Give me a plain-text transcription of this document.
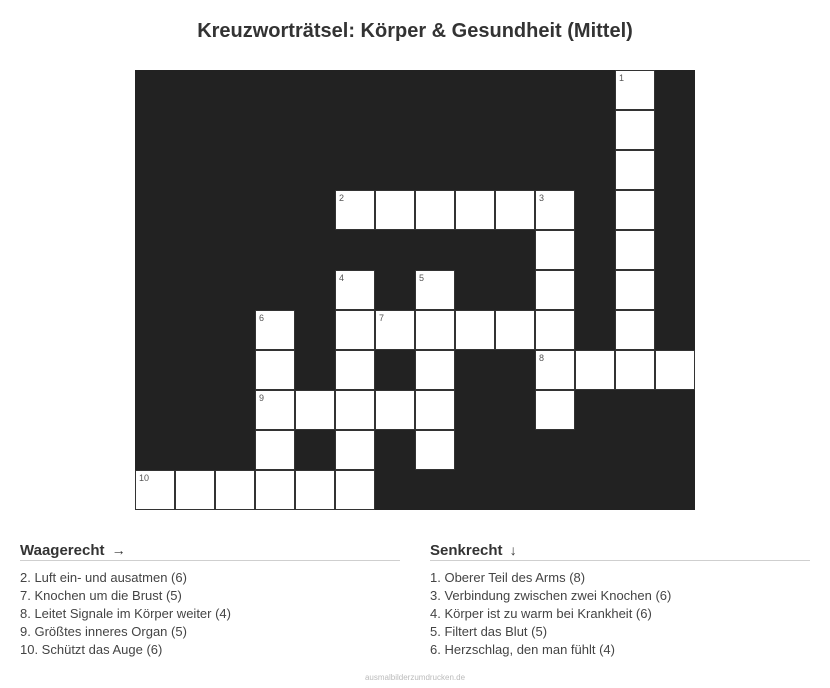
Kreuzworträtsel: Körper & Gesundheit (Mittel)
1
2	3
4	5
6	7
8
9
10
Waagerecht →
2. Luft ein- und ausatmen (6)
7. Knochen um die Brust (5)
8. Leitet Signale im Körper weiter (4)
9. Größtes inneres Organ (5)
10. Schützt das Auge (6)
Senkrecht ↓
1. Oberer Teil des Arms (8)
3. Verbindung zwischen zwei Knochen (6)
4. Körper ist zu warm bei Krankheit (6)
5. Filtert das Blut (5)
6. Herzschlag, den man fühlt (4)
ausmalbilderzumdrucken.de
